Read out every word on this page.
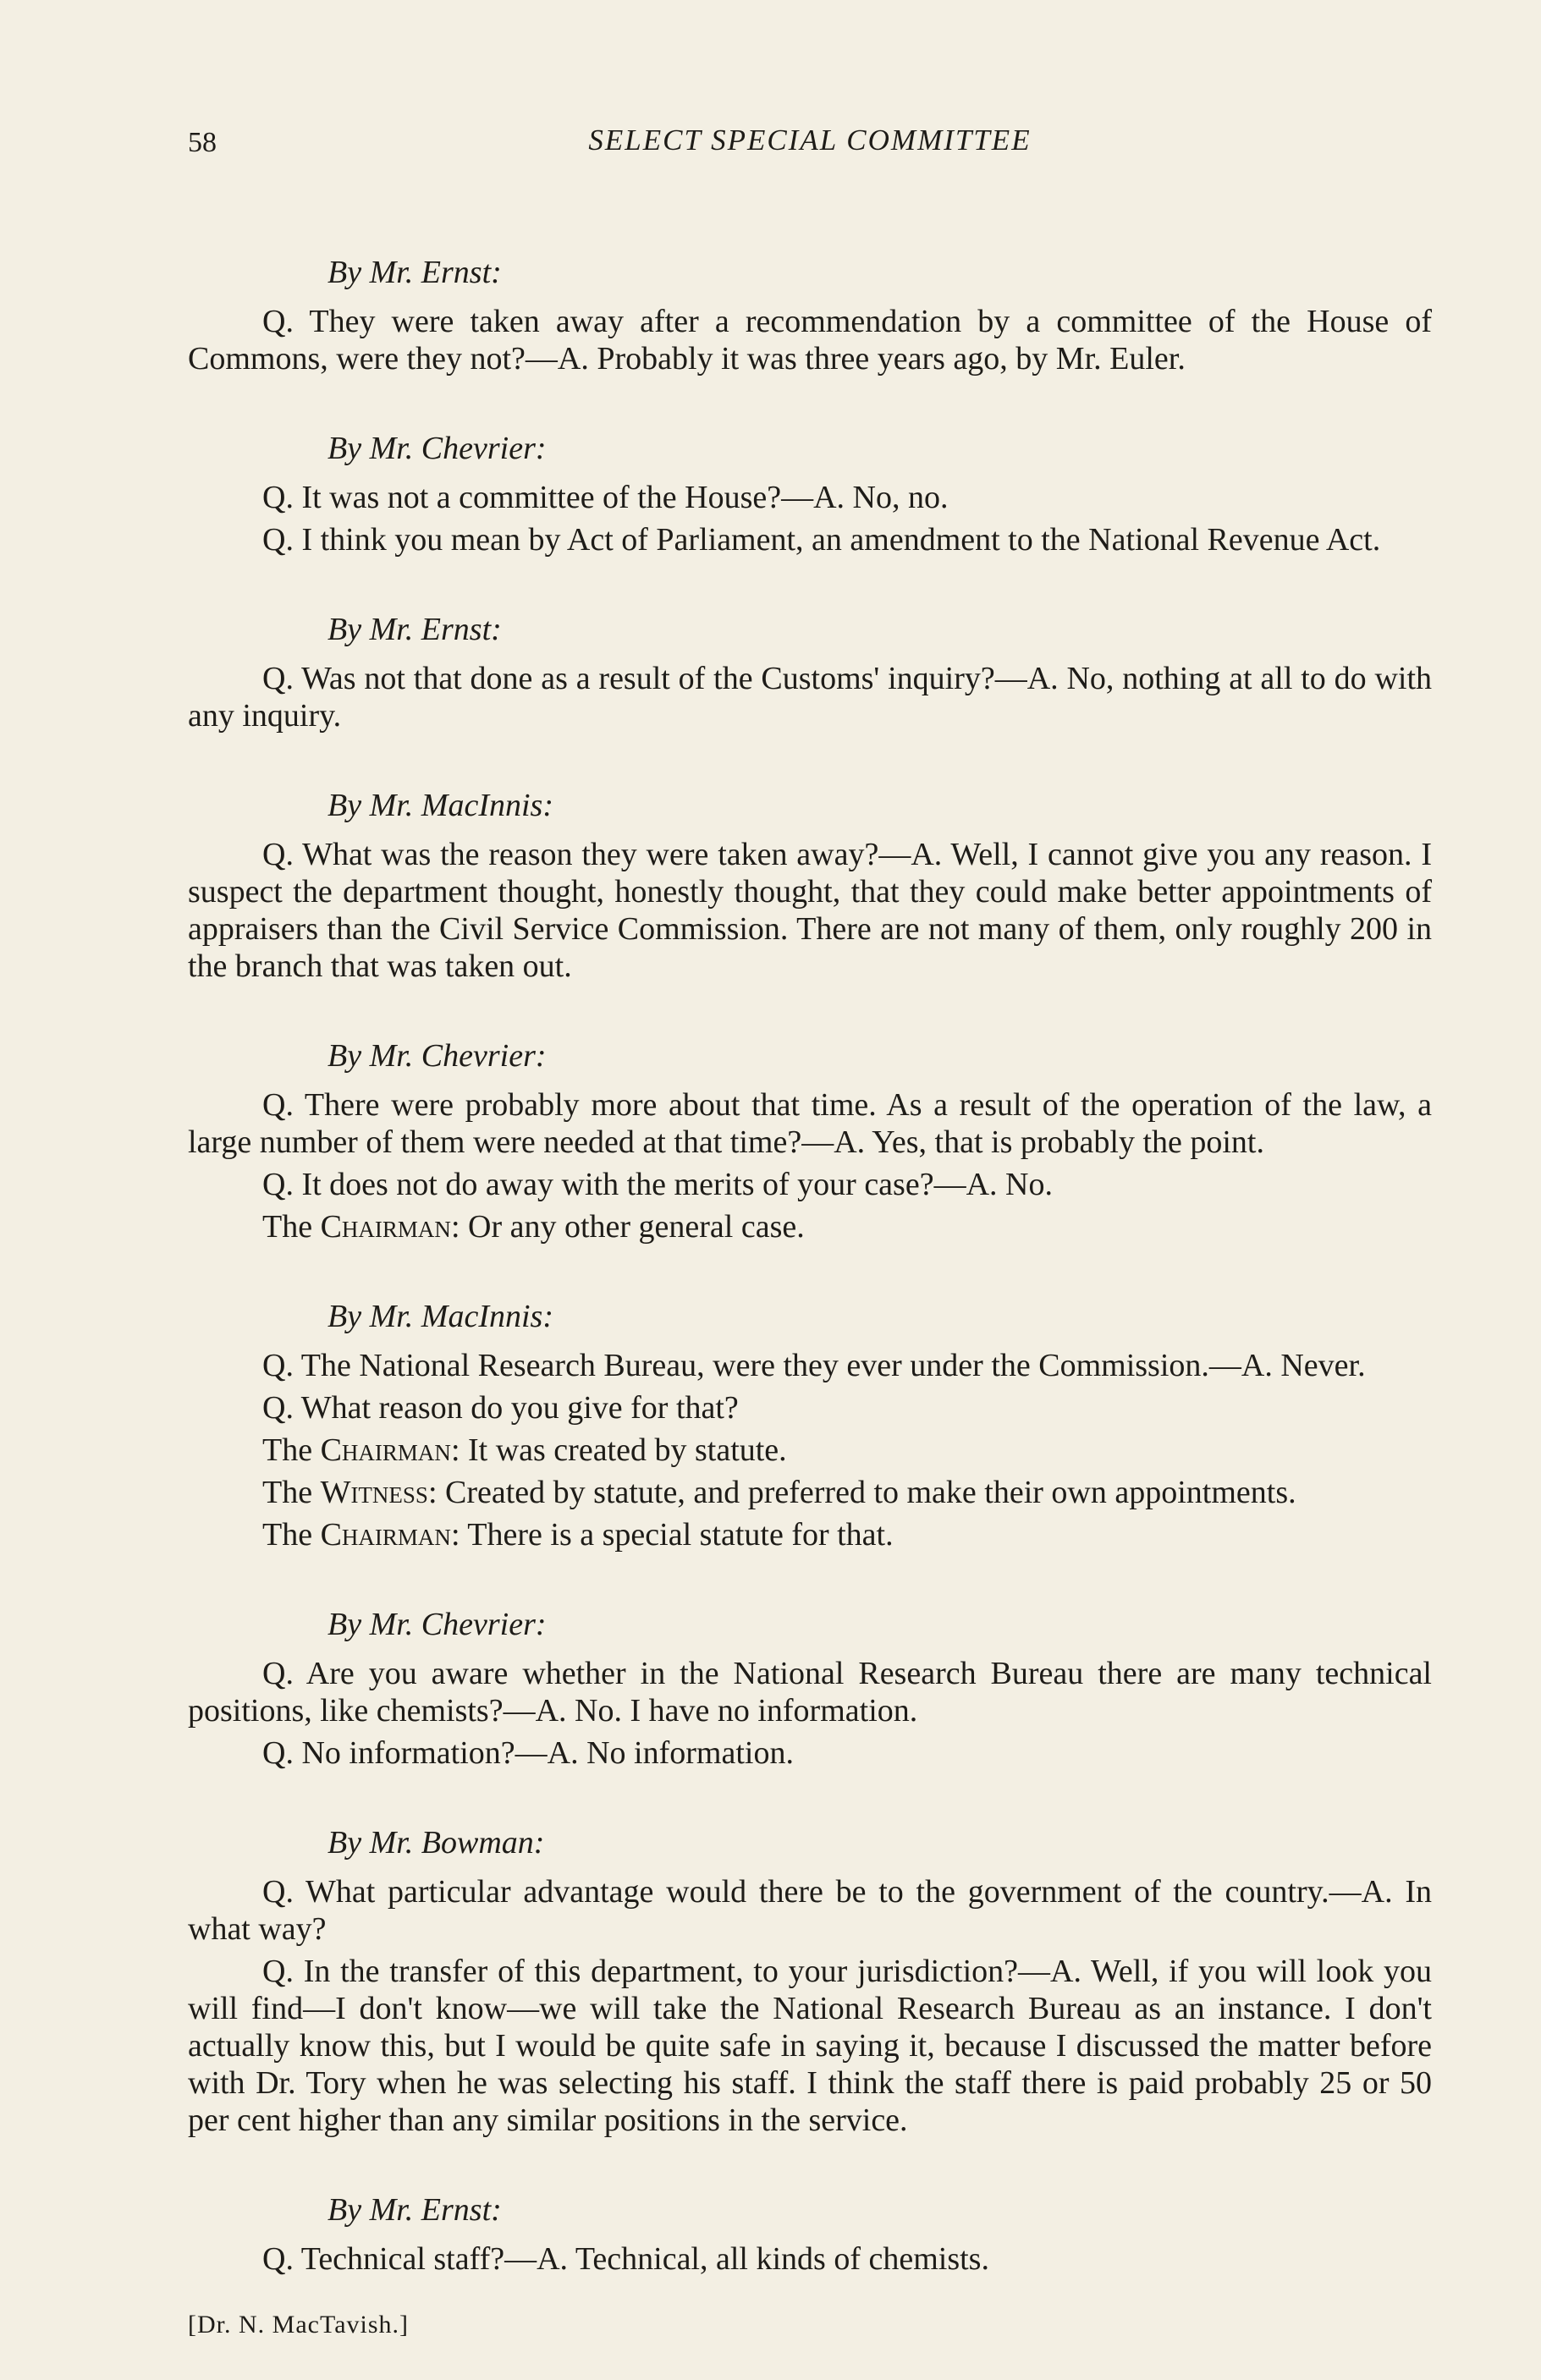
58	SELECT SPECIAL COMMITTEE
By Mr. Ernst:

Q. They were taken away after a recommendation by a committee of the House of Commons, were they not?—A. Probably it was three years ago, by Mr. Euler.

By Mr. Chevrier:

Q. It was not a committee of the House?—A. No, no.

Q. I think you mean by Act of Parliament, an amendment to the National Revenue Act.

By Mr. Ernst:

Q. Was not that done as a result of the Customs' inquiry?—A. No, nothing at all to do with any inquiry.

By Mr. MacInnis:

Q. What was the reason they were taken away?—A. Well, I cannot give you any reason. I suspect the department thought, honestly thought, that they could make better appointments of appraisers than the Civil Service Commission. There are not many of them, only roughly 200 in the branch that was taken out.

By Mr. Chevrier:

Q. There were probably more about that time. As a result of the operation of the law, a large number of them were needed at that time?—A. Yes, that is probably the point.

Q. It does not do away with the merits of your case?—A. No.

The Chairman: Or any other general case.

By Mr. MacInnis:

Q. The National Research Bureau, were they ever under the Commission.—A. Never.

Q. What reason do you give for that?

The Chairman: It was created by statute.

The Witness: Created by statute, and preferred to make their own appointments.

The Chairman: There is a special statute for that.

By Mr. Chevrier:

Q. Are you aware whether in the National Research Bureau there are many technical positions, like chemists?—A. No. I have no information.

Q. No information?—A. No information.

By Mr. Bowman:

Q. What particular advantage would there be to the government of the country.—A. In what way?

Q. In the transfer of this department, to your jurisdiction?—A. Well, if you will look you will find—I don't know—we will take the National Research Bureau as an instance. I don't actually know this, but I would be quite safe in saying it, because I discussed the matter before with Dr. Tory when he was selecting his staff. I think the staff there is paid probably 25 or 50 per cent higher than any similar positions in the service.

By Mr. Ernst:

Q. Technical staff?—A. Technical, all kinds of chemists.

[Dr. N. MacTavish.]
